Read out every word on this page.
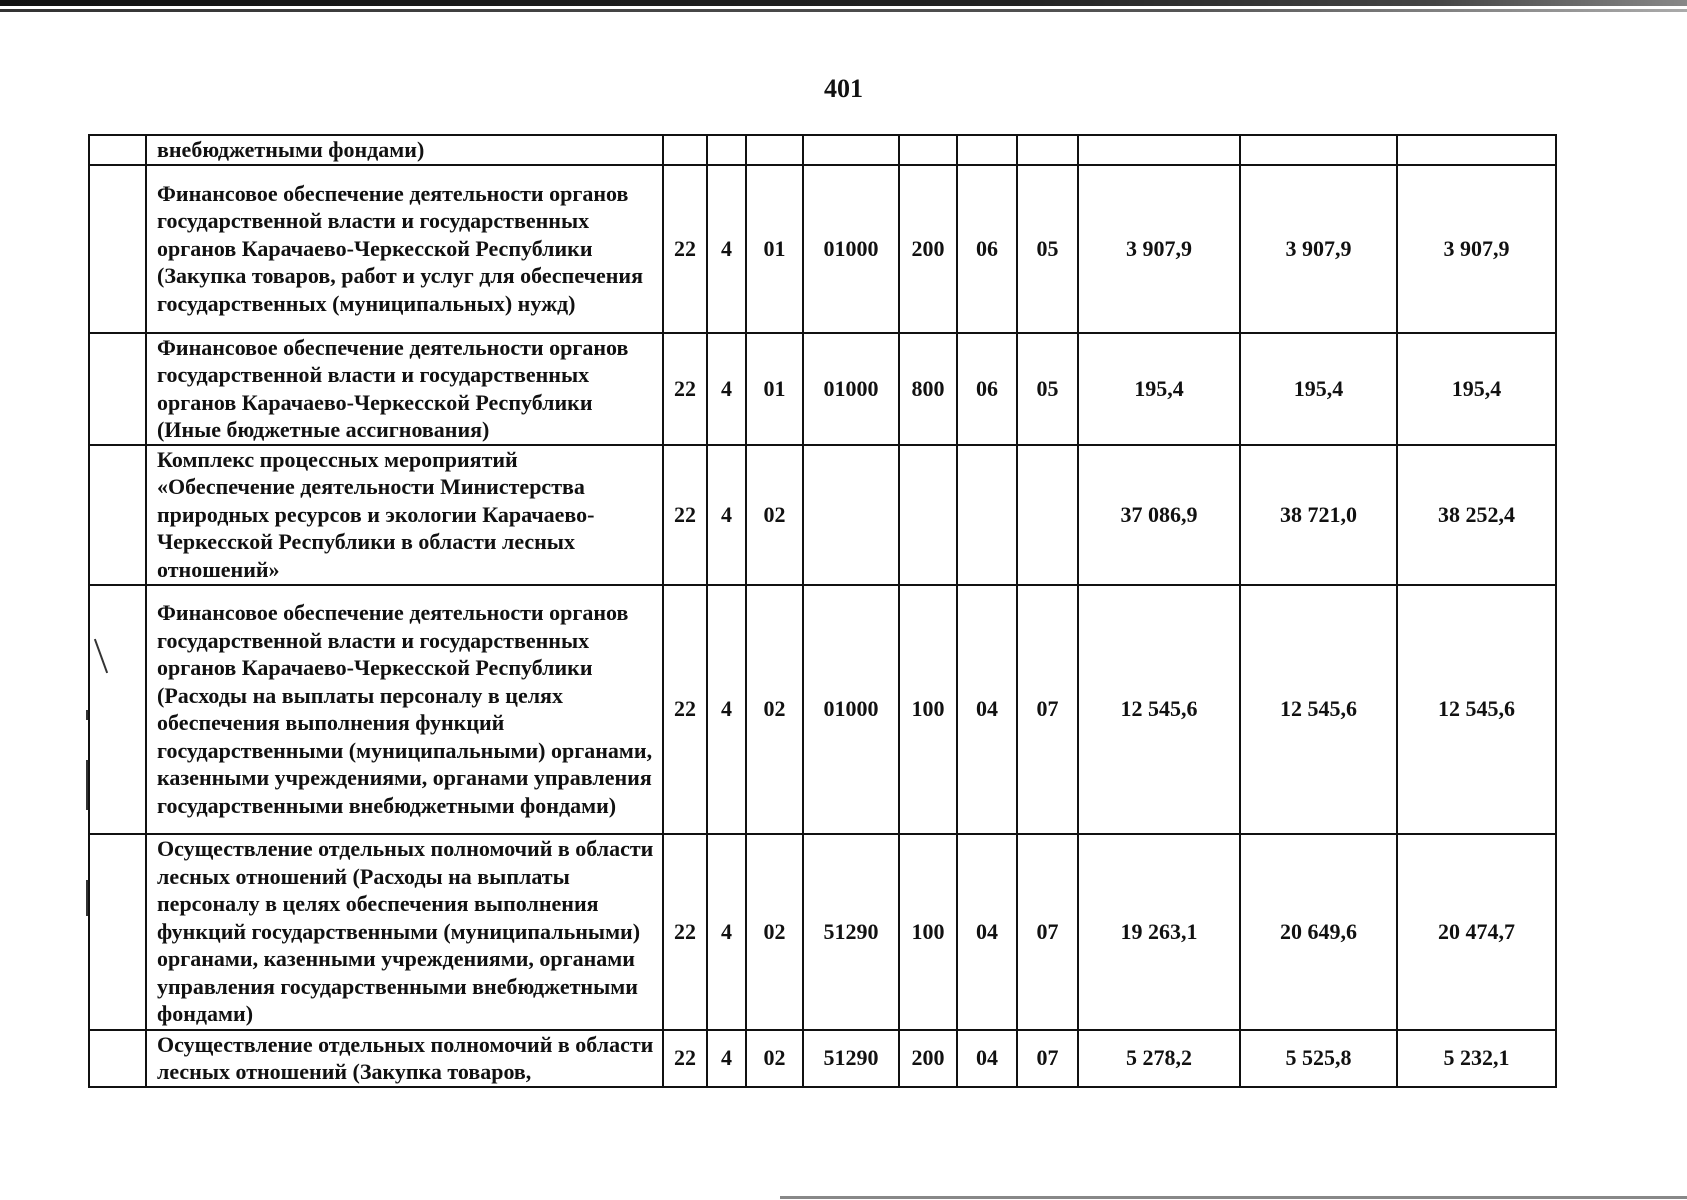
401
	внебюджетными фондами)										
	Финансовое обеспечение деятельности органов государственной власти и государственных органов Карачаево-Черкесской Республики (Закупка товаров, работ и услуг для обеспечения государственных (муниципальных) нужд)	22	4	01	01000	200	06	05	3 907,9	3 907,9	3 907,9
	Финансовое обеспечение деятельности органов государственной власти и государственных органов Карачаево-Черкесской Республики (Иные бюджетные ассигнования)	22	4	01	01000	800	06	05	195,4	195,4	195,4
	Комплекс процессных мероприятий «Обеспечение деятельности Министерства природных ресурсов и экологии Карачаево-Черкесской Республики в области лесных отношений»	22	4	02					37 086,9	38 721,0	38 252,4
	Финансовое обеспечение деятельности органов государственной власти и государственных органов Карачаево-Черкесской Республики (Расходы на выплаты персоналу в целях обеспечения выполнения функций государственными (муниципальными) органами, казенными учреждениями, органами управления государственными внебюджетными фондами)	22	4	02	01000	100	04	07	12 545,6	12 545,6	12 545,6
	Осуществление отдельных полномочий в области лесных отношений (Расходы на выплаты персоналу в целях обеспечения выполнения функций государственными (муниципальными) органами, казенными учреждениями, органами управления государственными внебюджетными фондами)	22	4	02	51290	100	04	07	19 263,1	20 649,6	20 474,7
	Осуществление отдельных полномочий в области лесных отношений (Закупка товаров,	22	4	02	51290	200	04	07	5 278,2	5 525,8	5 232,1
